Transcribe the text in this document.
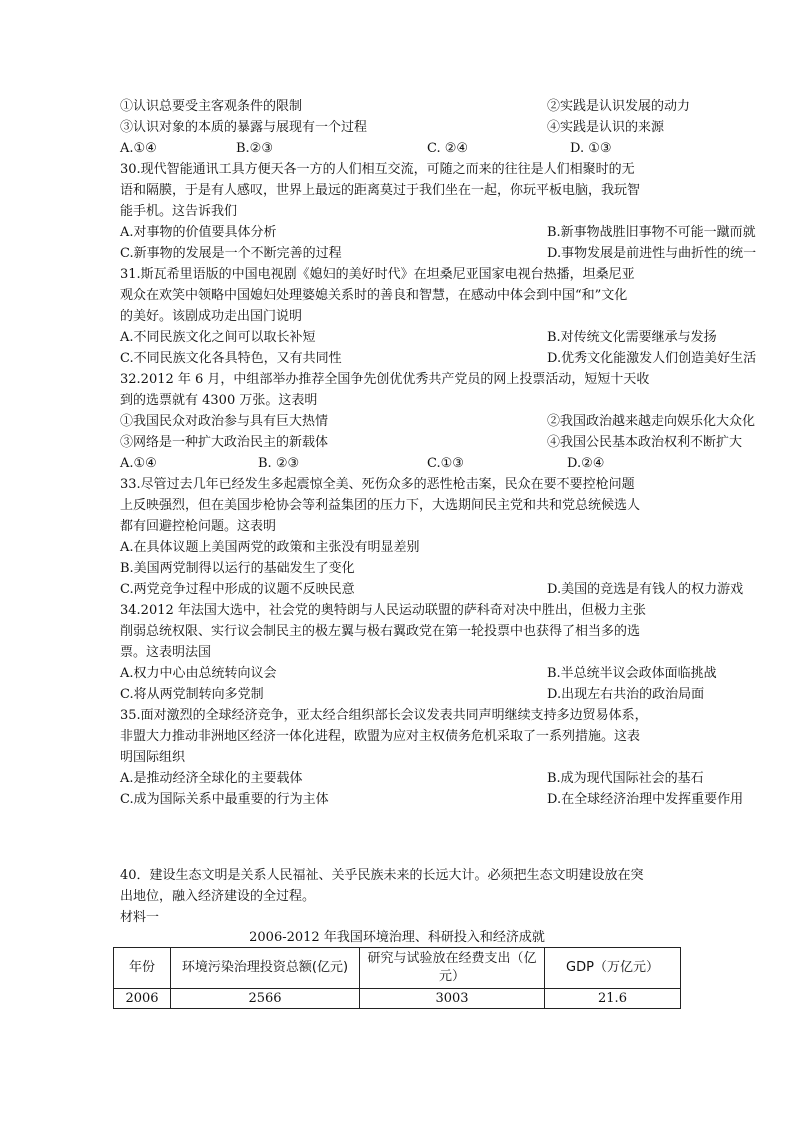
①认识总要受主客观条件的限制	②实践是认识发展的动力
③认识对象的本质的暴露与展现有一个过程	④实践是认识的来源
A.①④	B.②③	C. ②④	D. ①③
30.现代智能通讯工具方便天各一方的人们相互交流，可随之而来的往往是人们相聚时的无
语和隔膜，于是有人感叹，世界上最远的距离莫过于我们坐在一起，你玩平板电脑，我玩智
能手机。这告诉我们
A.对事物的价值要具体分析	B.新事物战胜旧事物不可能一蹴而就
C.新事物的发展是一个不断完善的过程	D.事物发展是前进性与曲折性的统一
31.斯瓦希里语版的中国电视剧《媳妇的美好时代》在坦桑尼亚国家电视台热播，坦桑尼亚
观众在欢笑中领略中国媳妇处理婆媳关系时的善良和智慧，在感动中体会到中国“和”文化
的美好。该剧成功走出国门说明
A.不同民族文化之间可以取长补短	B.对传统文化需要继承与发扬
C.不同民族文化各具特色，又有共同性	D.优秀文化能激发人们创造美好生活
32.2012 年 6 月，中组部举办推荐全国争先创优优秀共产党员的网上投票活动，短短十天收
到的选票就有 4300 万张。这表明
①我国民众对政治参与具有巨大热情	②我国政治越来越走向娱乐化大众化
③网络是一种扩大政治民主的新载体	④我国公民基本政治权利不断扩大
A.①④	B. ②③	C.①③	D.②④
33.尽管过去几年已经发生多起震惊全美、死伤众多的恶性枪击案，民众在要不要控枪问题
上反映强烈，但在美国步枪协会等利益集团的压力下，大选期间民主党和共和党总统候选人
都有回避控枪问题。这表明
A.在具体议题上美国两党的政策和主张没有明显差别
B.美国两党制得以运行的基础发生了变化
C.两党竞争过程中形成的议题不反映民意	D.美国的竞选是有钱人的权力游戏
34.2012 年法国大选中，社会党的奥特朗与人民运动联盟的萨科奇对决中胜出，但极力主张
削弱总统权限、实行议会制民主的极左翼与极右翼政党在第一轮投票中也获得了相当多的选
票。这表明法国
A.权力中心由总统转向议会	B.半总统半议会政体面临挑战
C.将从两党制转向多党制	D.出现左右共治的政治局面
35.面对激烈的全球经济竞争，亚太经合组织部长会议发表共同声明继续支持多边贸易体系，
非盟大力推动非洲地区经济一体化进程，欧盟为应对主权债务危机采取了一系列措施。这表
明国际组织
A.是推动经济全球化的主要载体	B.成为现代国际社会的基石
C.成为国际关系中最重要的行为主体	D.在全球经济治理中发挥重要作用
40．建设生态文明是关系人民福祉、关乎民族未来的长远大计。必须把生态文明建设放在突
出地位，融入经济建设的全过程。
材料一
2006-2012 年我国环境治理、科研投入和经济成就
年份	环境污染治理投资总额(亿元)	研究与试验放在经费支出（亿元）	GDP（万亿元）
2006	2566	3003	21.6
